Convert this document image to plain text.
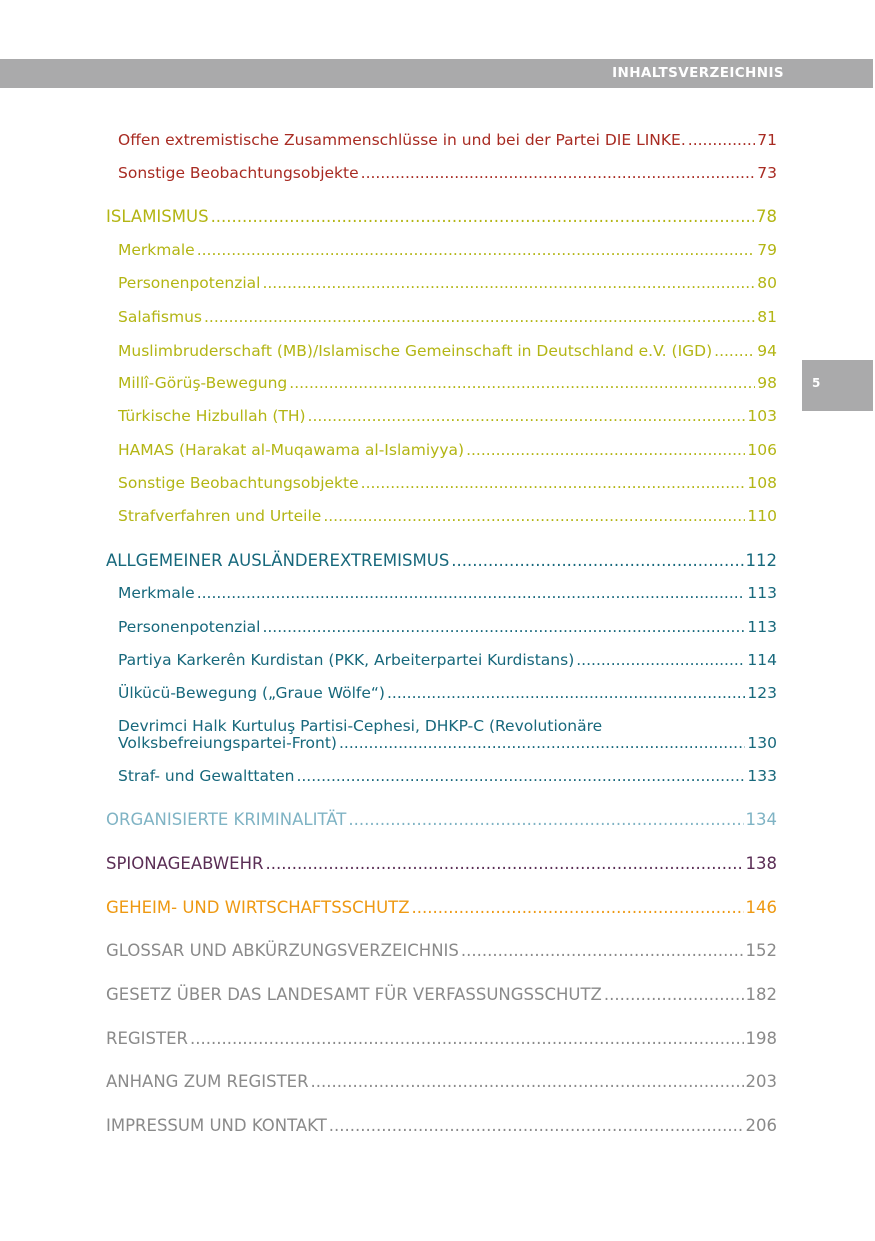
INHALTSVERZEICHNIS
5
Offen extremistische Zusammenschlüsse in und bei der Partei DIE LINKE. .....	71
Sonstige Beobachtungsobjekte .....	73
ISLAMISMUS .....	78
Merkmale .....	79
Personenpotenzial .....	80
Salafismus .....	81
Muslimbruderschaft (MB)/Islamische Gemeinschaft in Deutschland e.V. (IGD) .....	94
Millî-Görüş-Bewegung .....	98
Türkische Hizbullah (TH) .....	103
HAMAS (Harakat al-Muqawama al-Islamiyya) .....	106
Sonstige Beobachtungsobjekte .....	108
Strafverfahren und Urteile .....	110
ALLGEMEINER AUSLÄNDEREXTREMISMUS .....	112
Merkmale .....	113
Personenpotenzial .....	113
Partiya Karkerên Kurdistan (PKK, Arbeiterpartei Kurdistans) .....	114
Ülkücü-Bewegung („Graue Wölfe“) .....	123
Devrimci Halk Kurtuluş Partisi-Cephesi, DHKP-C (Revolutionäre
Volksbefreiungspartei-Front) .....	130
Straf- und Gewalttaten .....	133
ORGANISIERTE KRIMINALITÄT .....	134
SPIONAGEABWEHR .....	138
GEHEIM- UND WIRTSCHAFTSSCHUTZ .....	146
GLOSSAR UND ABKÜRZUNGSVERZEICHNIS .....	152
GESETZ ÜBER DAS LANDESAMT FÜR VERFASSUNGSSCHUTZ .....	182
REGISTER .....	198
ANHANG ZUM REGISTER .....	203
IMPRESSUM UND KONTAKT .....	206
